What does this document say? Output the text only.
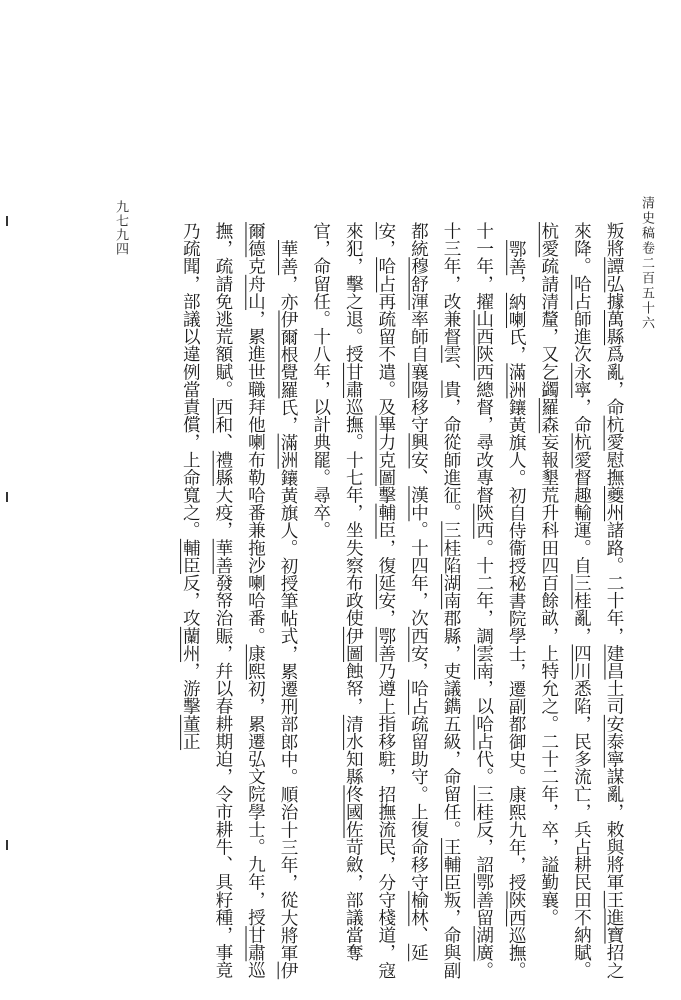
清史稿卷二百五十六
九七九四	叛將譚弘據萬縣爲亂，命杭愛慰撫夔州諸路。二十年，建昌土司安泰寧謀亂，敕與將軍王進寶招之來降。哈占師進次永寧，命杭愛督趣輸運。自三桂亂，四川悉陷，民多流亡，兵占耕民田不納賦。杭愛疏請清釐，又乞蠲羅森妄報墾荒升科田四百餘畝，上特允之。二十二年，卒，謚勤襄。

鄂善，納喇氏，滿洲鑲黃旗人。初自侍衞授秘書院學士，遷副都御史。康熙九年，授陝西巡撫。十一年，擢山西陝西總督，尋改專督陝西。十二年，調雲南，以哈占代。三桂反，詔鄂善留湖廣。十三年，改兼督雲、貴，命從師進征。三桂陷湖南郡縣，吏議鐫五級，命留任。王輔臣叛，命與副都統穆舒渾率師自襄陽移守興安、漢中。十四年，次西安，哈占疏留助守。上復命移守榆林、延安，哈占再疏留不遣。及畢力克圖擊輔臣，復延安，鄂善乃遵上指移駐，招撫流民，分守棧道，寇來犯，擊之退。授甘肅巡撫。十七年，坐失察布政使伊圖蝕帑，清水知縣佟國佐苛斂，部議當奪官，命留任。十八年，以計典罷。尋卒。

華善，亦伊爾根覺羅氏，滿洲鑲黃旗人。初授筆帖式，累遷刑部郎中。順治十三年，從大將軍伊爾德克舟山，累進世職拜他喇布勒哈番兼拖沙喇哈番。康熙初，累遷弘文院學士。九年，授甘肅巡撫，疏請免逃荒額賦。西和、禮縣大疫，華善發帑治賑，幷以春耕期迫，令市耕牛、具籽種，事竟乃疏聞，部議以違例當責償，上命寬之。輔臣反，攻蘭州，游擊董正
